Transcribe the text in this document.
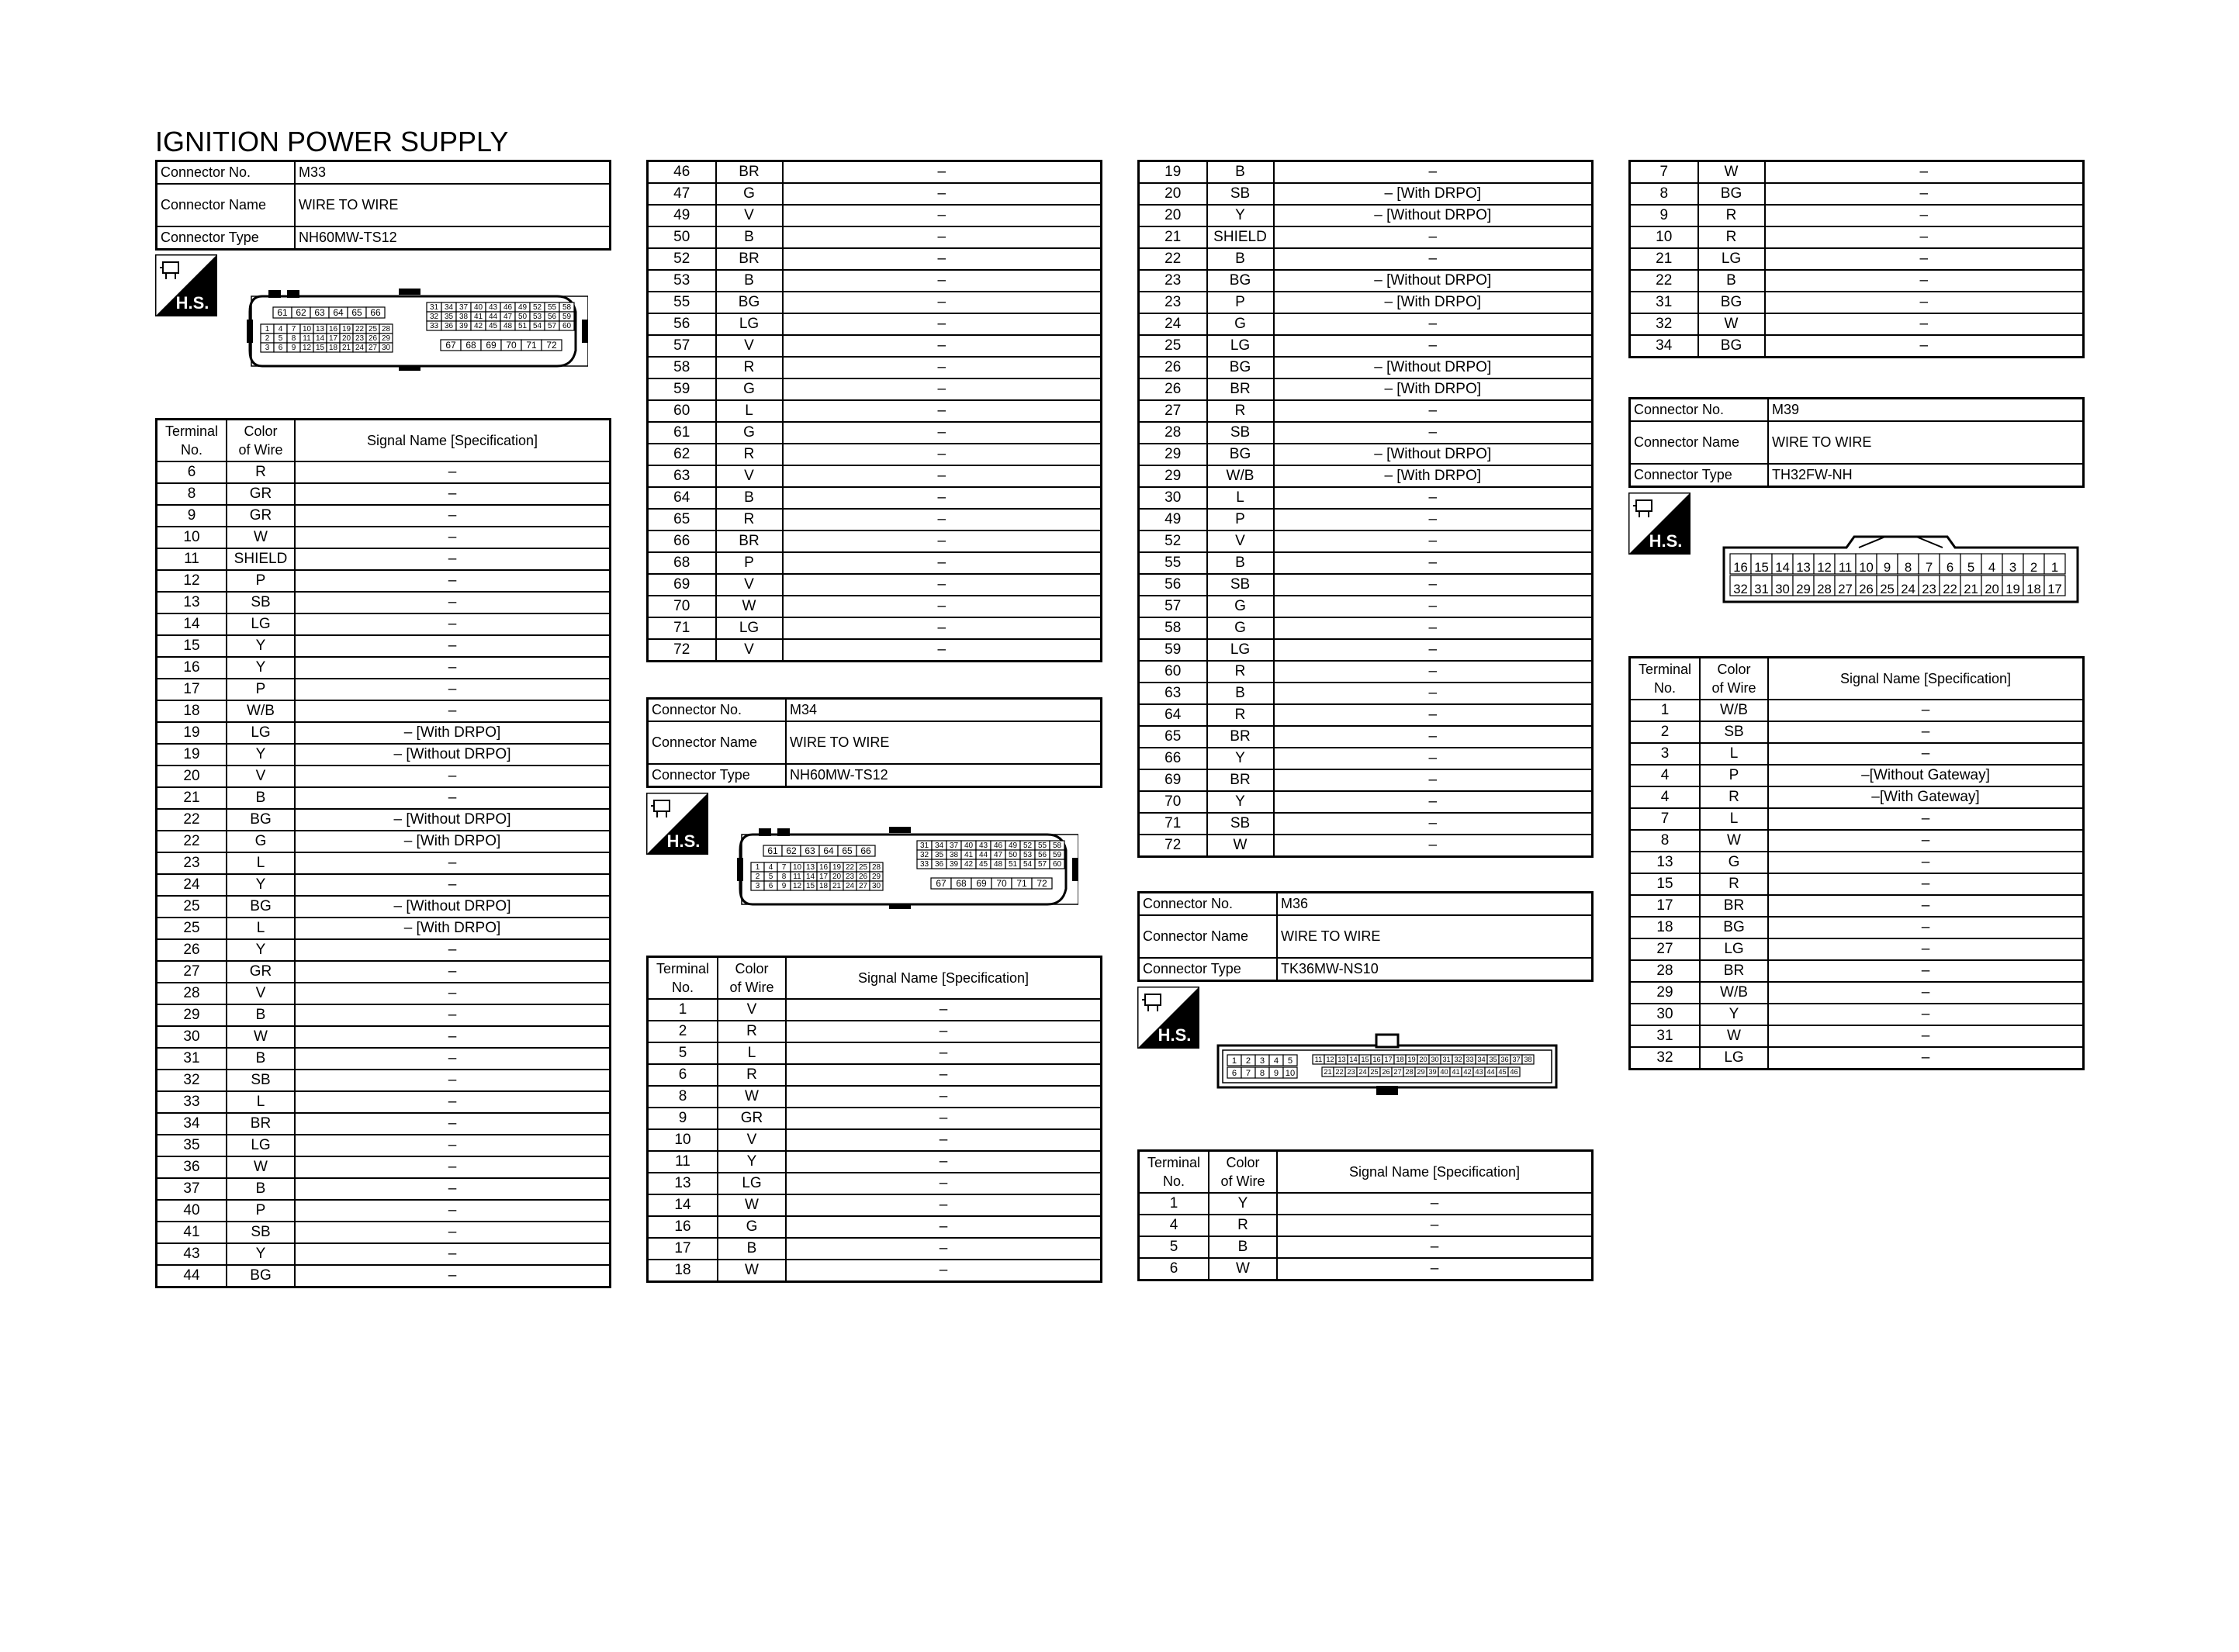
IGNITION POWER SUPPLY
Connector No.	M33
Connector Name	WIRE TO WIRE
Connector Type	NH60MW-TS12
H.S.	61 62 63 64 65 66
1 4 7 10 13 16 19 22 25 28
2 5 8 11 14 17 20 23 26 29
3 6 9 12 15 18 21 24 27 30
31 34 37 40 43 46 49 52 55 58
32 35 38 41 44 47 50 53 56 59
33 36 39 42 45 48 51 54 57 60
67 68 69 70 71 72
Terminal
No.	Color
of Wire	Signal Name [Specification]
6	R	–
8	GR	–
9	GR	–
10	W	–
11	SHIELD	–
12	P	–
13	SB	–
14	LG	–
15	Y	–
16	Y	–
17	P	–
18	W/B	–
19	LG	– [With DRPO]
19	Y	– [Without DRPO]
20	V	–
21	B	–
22	BG	– [Without DRPO]
22	G	– [With DRPO]
23	L	–
24	Y	–
25	BG	– [Without DRPO]
25	L	– [With DRPO]
26	Y	–
27	GR	–
28	V	–
29	B	–
30	W	–
31	B	–
32	SB	–
33	L	–
34	BR	–
35	LG	–
36	W	–
37	B	–
40	P	–
41	SB	–
43	Y	–
44	BG	–
46	BR	–
47	G	–
49	V	–
50	B	–
52	BR	–
53	B	–
55	BG	–
56	LG	–
57	V	–
58	R	–
59	G	–
60	L	–
61	G	–
62	R	–
63	V	–
64	B	–
65	R	–
66	BR	–
68	P	–
69	V	–
70	W	–
71	LG	–
72	V	–
Connector No.	M34
Connector Name	WIRE TO WIRE
Connector Type	NH60MW-TS12
H.S.	61 62 63 64 65 66
1 4 7 10 13 16 19 22 25 28
2 5 8 11 14 17 20 23 26 29
3 6 9 12 15 18 21 24 27 30
31 34 37 40 43 46 49 52 55 58
32 35 38 41 44 47 50 53 56 59
33 36 39 42 45 48 51 54 57 60
67 68 69 70 71 72
Terminal
No.	Color
of Wire	Signal Name [Specification]
1	V	–
2	R	–
5	L	–
6	R	–
8	W	–
9	GR	–
10	V	–
11	Y	–
13	LG	–
14	W	–
16	G	–
17	B	–
18	W	–
19	B	–
20	SB	– [With DRPO]
20	Y	– [Without DRPO]
21	SHIELD	–
22	B	–
23	BG	– [Without DRPO]
23	P	– [With DRPO]
24	G	–
25	LG	–
26	BG	– [Without DRPO]
26	BR	– [With DRPO]
27	R	–
28	SB	–
29	BG	– [Without DRPO]
29	W/B	– [With DRPO]
30	L	–
49	P	–
52	V	–
55	B	–
56	SB	–
57	G	–
58	G	–
59	LG	–
60	R	–
63	B	–
64	R	–
65	BR	–
66	Y	–
69	BR	–
70	Y	–
71	SB	–
72	W	–
Connector No.	M36
Connector Name	WIRE TO WIRE
Connector Type	TK36MW-NS10
H.S.
1 2 3 4 5
6 7 8 9 10
11 12 13 14 15 16 17 18 19 20 30 31 32 33 34 35 36 37 38
21 22 23 24 25 26 27 28 29 39 40 41 42 43 44 45 46
Terminal
No.	Color
of Wire	Signal Name [Specification]
1	Y	–
4	R	–
5	B	–
6	W	–
7	W	–
8	BG	–
9	R	–
10	R	–
21	LG	–
22	B	–
31	BG	–
32	W	–
34	BG	–
Connector No.	M39
Connector Name	WIRE TO WIRE
Connector Type	TH32FW-NH
H.S.
16 15 14 13 12 11 10 9 8 7 6 5 4 3 2 1
32 31 30 29 28 27 26 25 24 23 22 21 20 19 18 17
Terminal
No.	Color
of Wire	Signal Name [Specification]
1	W/B	–
2	SB	–
3	L	–
4	P	–[Without Gateway]
4	R	–[With Gateway]
7	L	–
8	W	–
13	G	–
15	R	–
17	BR	–
18	BG	–
27	LG	–
28	BR	–
29	W/B	–
30	Y	–
31	W	–
32	LG	–
